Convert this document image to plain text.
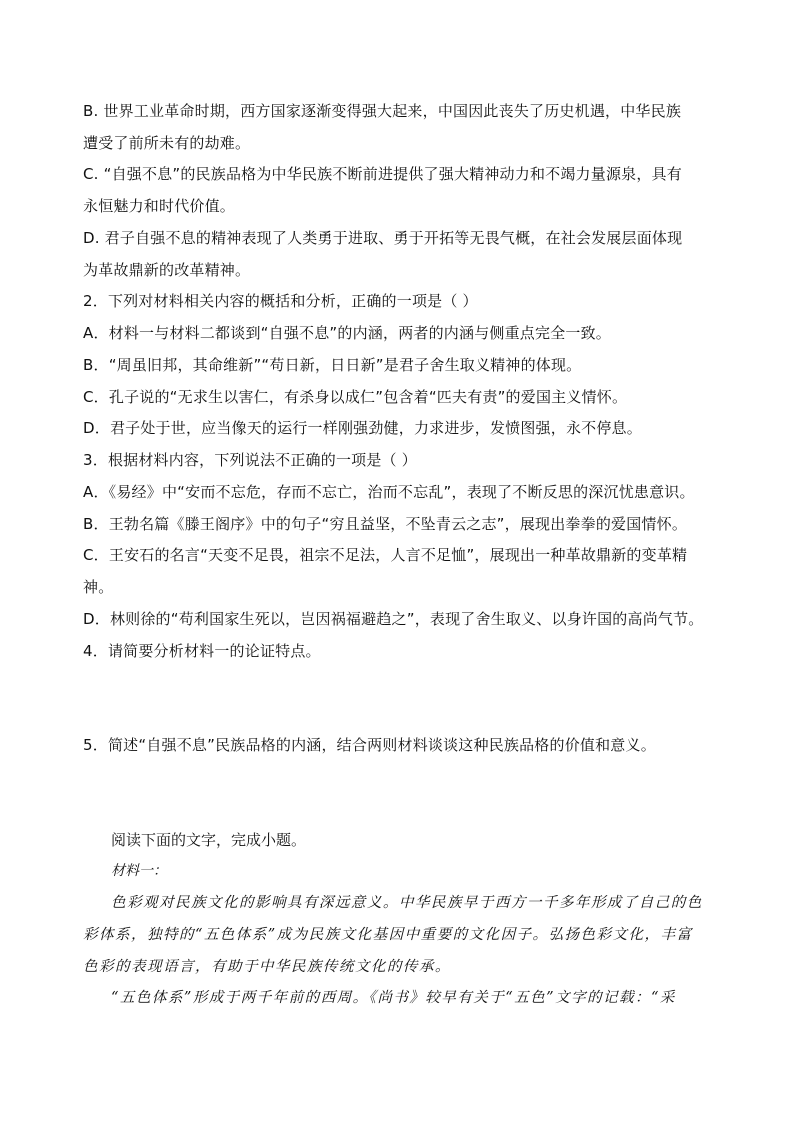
B. 世界工业革命时期，西方国家逐渐变得强大起来，中国因此丧失了历史机遇，中华民族
遭受了前所未有的劫难。
C. “自强不息”的民族品格为中华民族不断前进提供了强大精神动力和不竭力量源泉，具有
永恒魅力和时代价值。
D. 君子自强不息的精神表现了人类勇于进取、勇于开拓等无畏气概，在社会发展层面体现
为革故鼎新的改革精神。
2．下列对材料相关内容的概括和分析，正确的一项是（ ）
A．材料一与材料二都谈到“自强不息”的内涵，两者的内涵与侧重点完全一致。
B．“周虽旧邦，其命维新”“苟日新，日日新”是君子舍生取义精神的体现。
C．孔子说的“无求生以害仁，有杀身以成仁”包含着“匹夫有责”的爱国主义情怀。
D．君子处于世，应当像天的运行一样刚强劲健，力求进步，发愤图强，永不停息。
3．根据材料内容，下列说法不正确的一项是（ ）
A．《易经》中“安而不忘危，存而不忘亡，治而不忘乱”，表现了不断反思的深沉忧患意识。
B．王勃名篇《滕王阁序》中的句子“穷且益坚，不坠青云之志”，展现出拳拳的爱国情怀。
C．王安石的名言“天变不足畏，祖宗不足法，人言不足恤”，展现出一种革故鼎新的变革精
神。
D．林则徐的“苟利国家生死以，岂因祸福避趋之”，表现了舍生取义、以身许国的高尚气节。
4．请简要分析材料一的论证特点。
5．简述“自强不息”民族品格的内涵，结合两则材料谈谈这种民族品格的价值和意义。
阅读下面的文字，完成小题。
材料一：
色彩观对民族文化的影响具有深远意义。中华民族早于西方一千多年形成了自己的色
彩体系，独特的“五色体系”成为民族文化基因中重要的文化因子。弘扬色彩文化，丰富
色彩的表现语言，有助于中华民族传统文化的传承。
“五色体系”形成于两千年前的西周。《尚书》较早有关于“五色”文字的记载：“采
